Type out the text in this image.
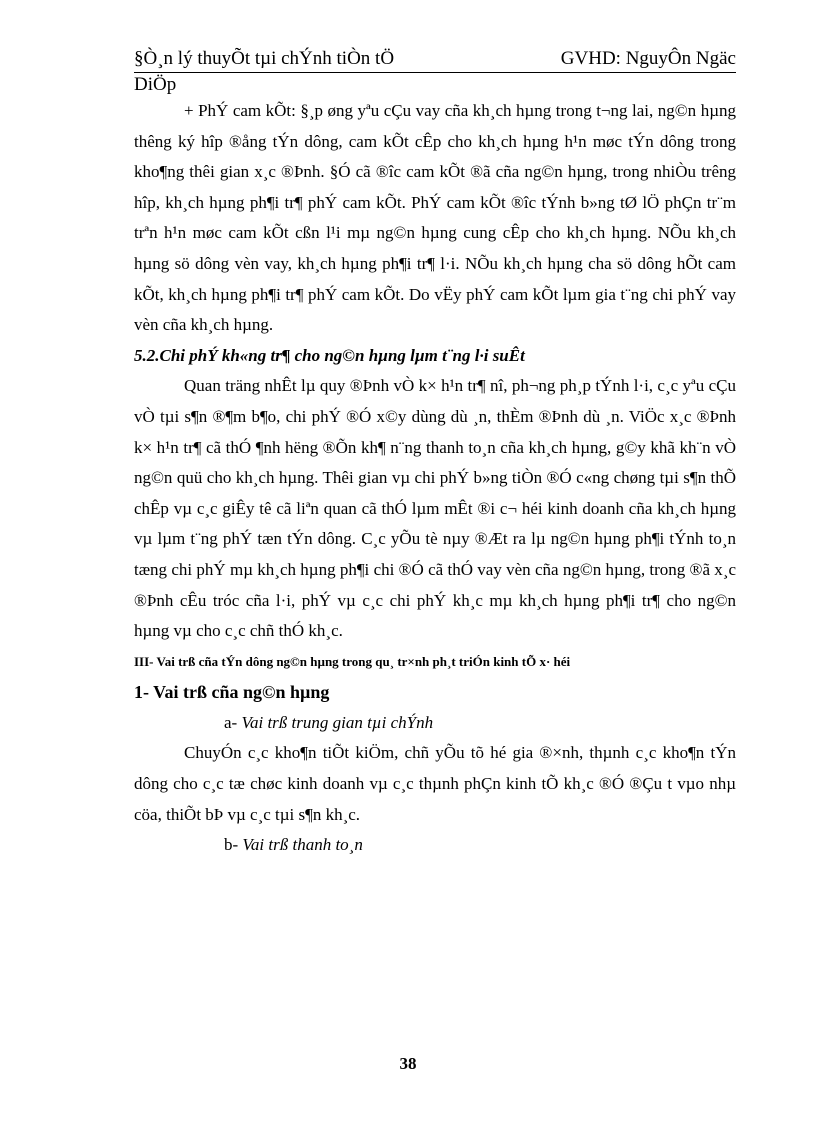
§Ò¸n lý thuyÕt tµi chÝnh tiÒn tÖ	GVHD: NguyÔn Ngäc
DiÖp

+ PhÝ cam kÕt: §¸p øng yªu cÇu vay cña kh¸ch hµng trong t¬ng lai, ng©n hµng thêng ký hîp ®ång tÝn dông, cam kÕt cÊp cho kh¸ch hµng h¹n møc tÝn dông trong kho¶ng thêi gian x¸c ®Þnh. §Ó cã ®îc cam kÕt ®ã cña ng©n hµng, trong nhiÒu trêng hîp, kh¸ch hµng ph¶i tr¶ phÝ cam kÕt. PhÝ cam kÕt ®îc tÝnh b»ng tØ lÖ phÇn tr¨m trªn h¹n møc cam kÕt cßn l¹i mµ ng©n hµng cung cÊp cho kh¸ch hµng. NÕu kh¸ch hµng sö dông vèn vay, kh¸ch hµng ph¶i tr¶ l·i. NÕu kh¸ch hµng cha sö dông hÕt cam kÕt, kh¸ch hµng ph¶i tr¶ phÝ cam kÕt. Do vËy phÝ cam kÕt lµm gia t¨ng chi phÝ vay vèn cña kh¸ch hµng.

5.2.Chi phÝ kh«ng tr¶ cho ng©n hµng lµm t¨ng l·i suÊt

Quan träng nhÊt lµ quy ®Þnh vÒ k× h¹n tr¶ nî, ph¬ng ph¸p tÝnh l·i, c¸c yªu cÇu vÒ tµi s¶n ®¶m b¶o, chi phÝ ®Ó x©y dùng dù ¸n, thÈm ®Þnh dù ¸n. ViÖc x¸c ®Þnh k× h¹n tr¶ cã thÓ ¶nh hëng ®Õn kh¶ n¨ng thanh to¸n cña kh¸ch hµng, g©y khã kh¨n vÒ ng©n quü cho kh¸ch hµng. Thêi gian vµ chi phÝ b»ng tiÒn ®Ó c«ng chøng tµi s¶n thÕ chÊp vµ c¸c giÊy tê cã liªn quan cã thÓ lµm mÊt ®i c¬ héi kinh doanh cña kh¸ch hµng vµ lµm t¨ng phÝ tæn tÝn dông. C¸c yÕu tè nµy ®Æt ra lµ ng©n hµng ph¶i tÝnh to¸n tæng chi phÝ mµ kh¸ch hµng ph¶i chi ®Ó cã thÓ vay vèn cña ng©n hµng, trong ®ã x¸c ®Þnh cÊu tróc cña l·i, phÝ vµ c¸c chi phÝ kh¸c mµ kh¸ch hµng ph¶i tr¶ cho ng©n hµng vµ cho c¸c chñ thÓ kh¸c.

III- Vai trß cña tÝn dông ng©n hµng trong qu¸ tr×nh ph¸t triÓn kinh tÕ x· héi

1- Vai trß cña ng©n hµng

a- Vai trß trung gian tµi chÝnh

ChuyÓn c¸c kho¶n tiÕt kiÖm, chñ yÕu tõ hé gia ®×nh, thµnh c¸c kho¶n tÝn dông cho c¸c tæ chøc kinh doanh vµ c¸c thµnh phÇn kinh tÕ kh¸c ®Ó ®Çu t vµo nhµ cöa, thiÕt bÞ vµ c¸c tµi s¶n kh¸c.

b- Vai trß thanh to¸n

38
